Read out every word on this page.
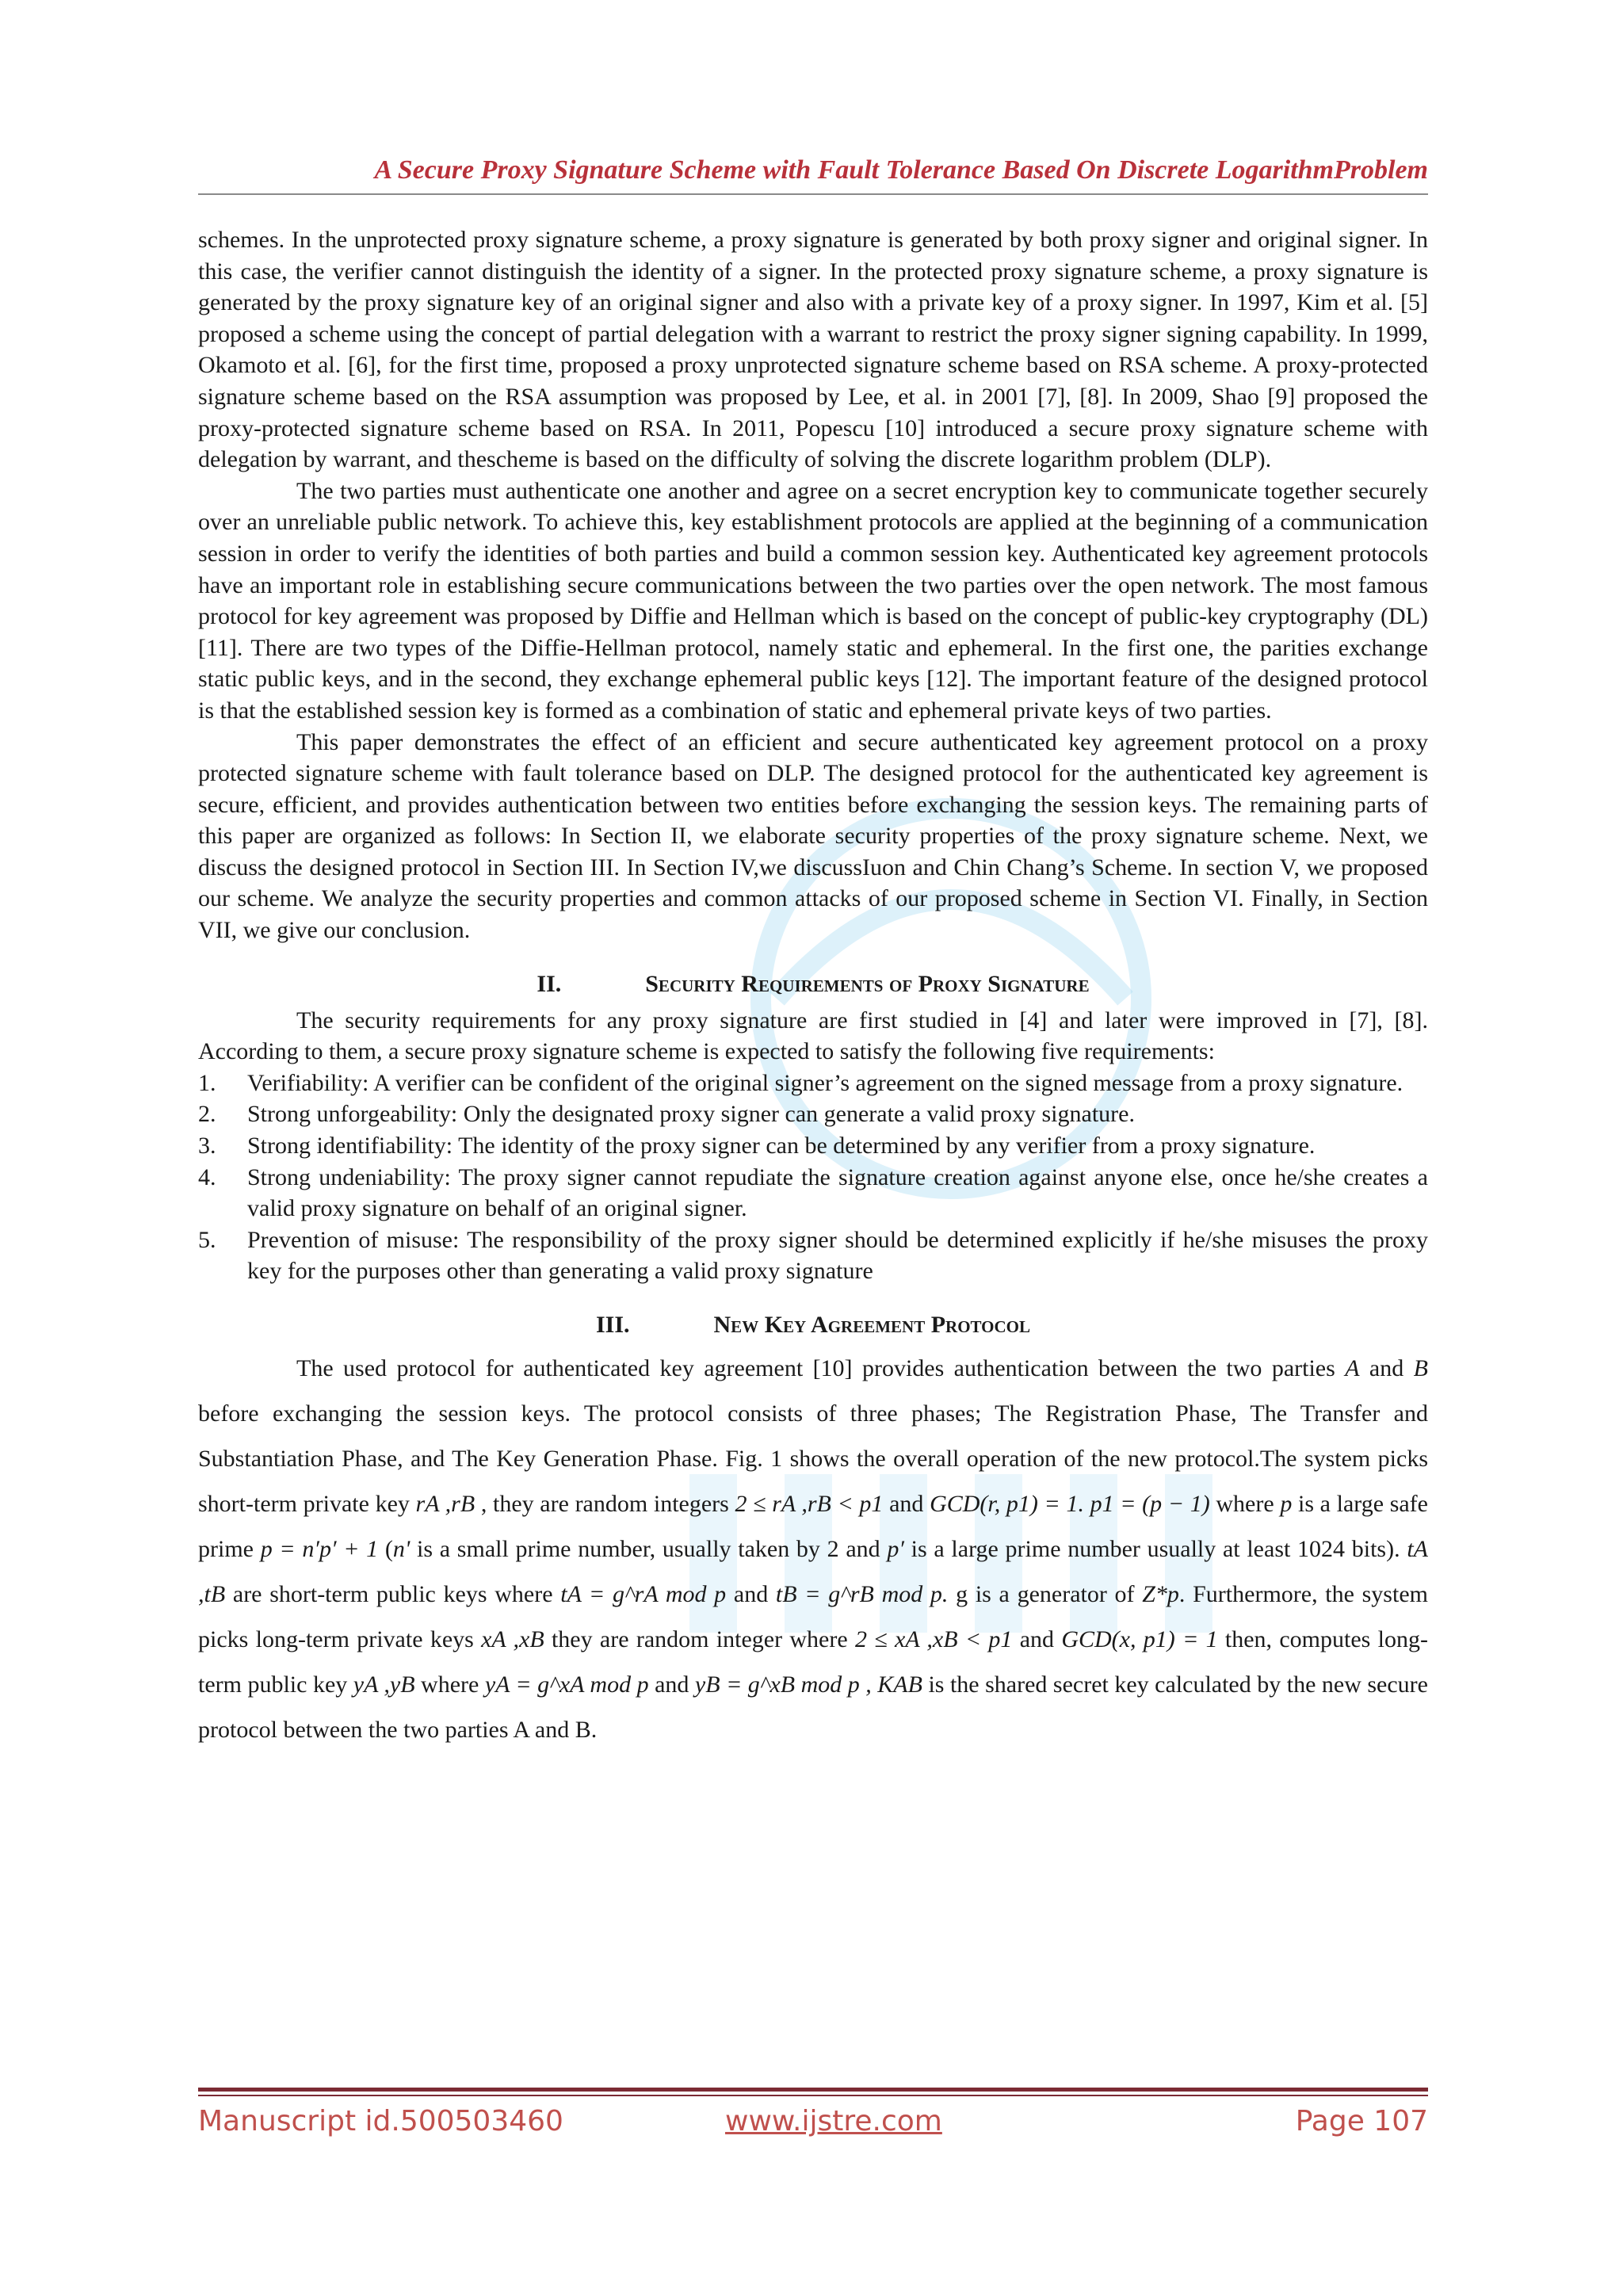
A Secure Proxy Signature Scheme with Fault Tolerance Based On Discrete LogarithmProblem

schemes. In the unprotected proxy signature scheme, a proxy signature is generated by both proxy signer and original signer. In this case, the verifier cannot distinguish the identity of a signer. In the protected proxy signature scheme, a proxy signature is generated by the proxy signature key of an original signer and also with a private key of a proxy signer. In 1997, Kim et al. [5] proposed a scheme using the concept of partial delegation with a warrant to restrict the proxy signer signing capability. In 1999, Okamoto et al. [6], for the first time, proposed a proxy unprotected signature scheme based on RSA scheme. A proxy-protected signature scheme based on the RSA assumption was proposed by Lee, et al. in 2001 [7], [8]. In 2009, Shao [9] proposed the proxy-protected signature scheme based on RSA. In 2011, Popescu [10] introduced a secure proxy signature scheme with delegation by warrant, and thescheme is based on the difficulty of solving the discrete logarithm problem (DLP).

The two parties must authenticate one another and agree on a secret encryption key to communicate together securely over an unreliable public network. To achieve this, key establishment protocols are applied at the beginning of a communication session in order to verify the identities of both parties and build a common session key. Authenticated key agreement protocols have an important role in establishing secure communications between the two parties over the open network. The most famous protocol for key agreement was proposed by Diffie and Hellman which is based on the concept of public-key cryptography (DL) [11]. There are two types of the Diffie-Hellman protocol, namely static and ephemeral. In the first one, the parities exchange static public keys, and in the second, they exchange ephemeral public keys [12]. The important feature of the designed protocol is that the established session key is formed as a combination of static and ephemeral private keys of two parties.

This paper demonstrates the effect of an efficient and secure authenticated key agreement protocol on a proxy protected signature scheme with fault tolerance based on DLP. The designed protocol for the authenticated key agreement is secure, efficient, and provides authentication between two entities before exchanging the session keys. The remaining parts of this paper are organized as follows: In Section II, we elaborate security properties of the proxy signature scheme. Next, we discuss the designed protocol in Section III. In Section IV,we discussIuon and Chin Chang’s Scheme. In section V, we proposed our scheme. We analyze the security properties and common attacks of our proposed scheme in Section VI. Finally, in Section VII, we give our conclusion.

II.	Security Requirements of Proxy Signature

The security requirements for any proxy signature are first studied in [4] and later were improved in [7], [8]. According to them, a secure proxy signature scheme is expected to satisfy the following five requirements:

1. Verifiability: A verifier can be confident of the original signer’s agreement on the signed message from a proxy signature.
2. Strong unforgeability: Only the designated proxy signer can generate a valid proxy signature.
3. Strong identifiability: The identity of the proxy signer can be determined by any verifier from a proxy signature.
4. Strong undeniability: The proxy signer cannot repudiate the signature creation against anyone else, once he/she creates a valid proxy signature on behalf of an original signer.
5. Prevention of misuse: The responsibility of the proxy signer should be determined explicitly if he/she misuses the proxy key for the purposes other than generating a valid proxy signature
III.	New Key Agreement Protocol

The used protocol for authenticated key agreement [10] provides authentication between the two parties A and B before exchanging the session keys. The protocol consists of three phases; The Registration Phase, The Transfer and Substantiation Phase, and The Key Generation Phase. Fig. 1 shows the overall operation of the new protocol.The system picks short-term private key rA ,rB , they are random integers 2 ≤ rA ,rB < p1 and GCD(r, p1) = 1. p1 = (p − 1) where p is a large safe prime p = n′p′ + 1 (n' is a small prime number, usually taken by 2 and p′ is a large prime number usually at least 1024 bits). tA ,tB are short-term public keys where tA = g^rA mod p and tB = g^rB mod p. g is a generator of Z*p. Furthermore, the system picks long-term private keys xA ,xB they are random integer where 2 ≤ xA ,xB < p1 and GCD(x, p1) = 1 then, computes long-term public key yA ,yB where yA = g^xA mod p and yB = g^xB mod p , KAB is the shared secret key calculated by the new secure protocol between the two parties A and B.

Manuscript id.500503460	www.ijstre.com	Page 107
